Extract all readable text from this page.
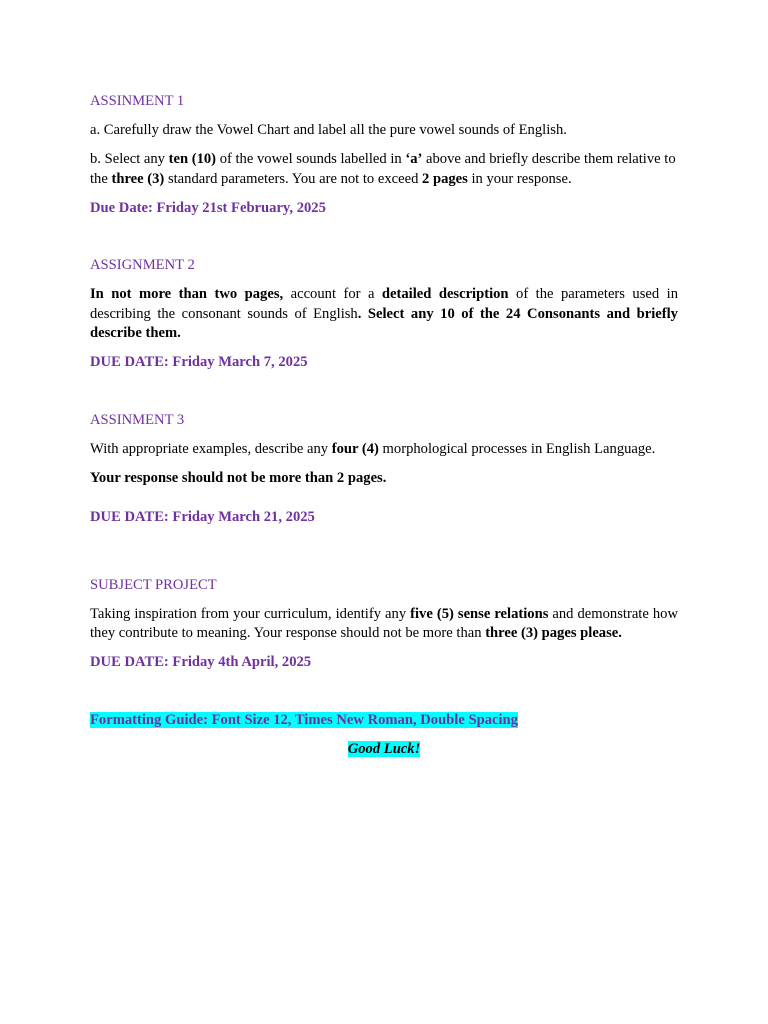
ASSINMENT 1

a. Carefully draw the Vowel Chart and label all the pure vowel sounds of English.

b. Select any ten (10) of the vowel sounds labelled in ‘a’ above and briefly describe them relative to the three (3) standard parameters. You are not to exceed 2 pages in your response.

Due Date: Friday 21st February, 2025

ASSIGNMENT 2

In not more than two pages, account for a detailed description of the parameters used in describing the consonant sounds of English. Select any 10 of the 24 Consonants and briefly describe them.

DUE DATE: Friday March 7, 2025

ASSINMENT 3

With appropriate examples, describe any four (4) morphological processes in English Language.

Your response should not be more than 2 pages.

DUE DATE: Friday March 21, 2025

SUBJECT PROJECT

Taking inspiration from your curriculum, identify any five (5) sense relations and demonstrate how they contribute to meaning. Your response should not be more than three (3) pages please.

DUE DATE: Friday 4th April, 2025

Formatting Guide: Font Size 12, Times New Roman, Double Spacing

Good Luck!
